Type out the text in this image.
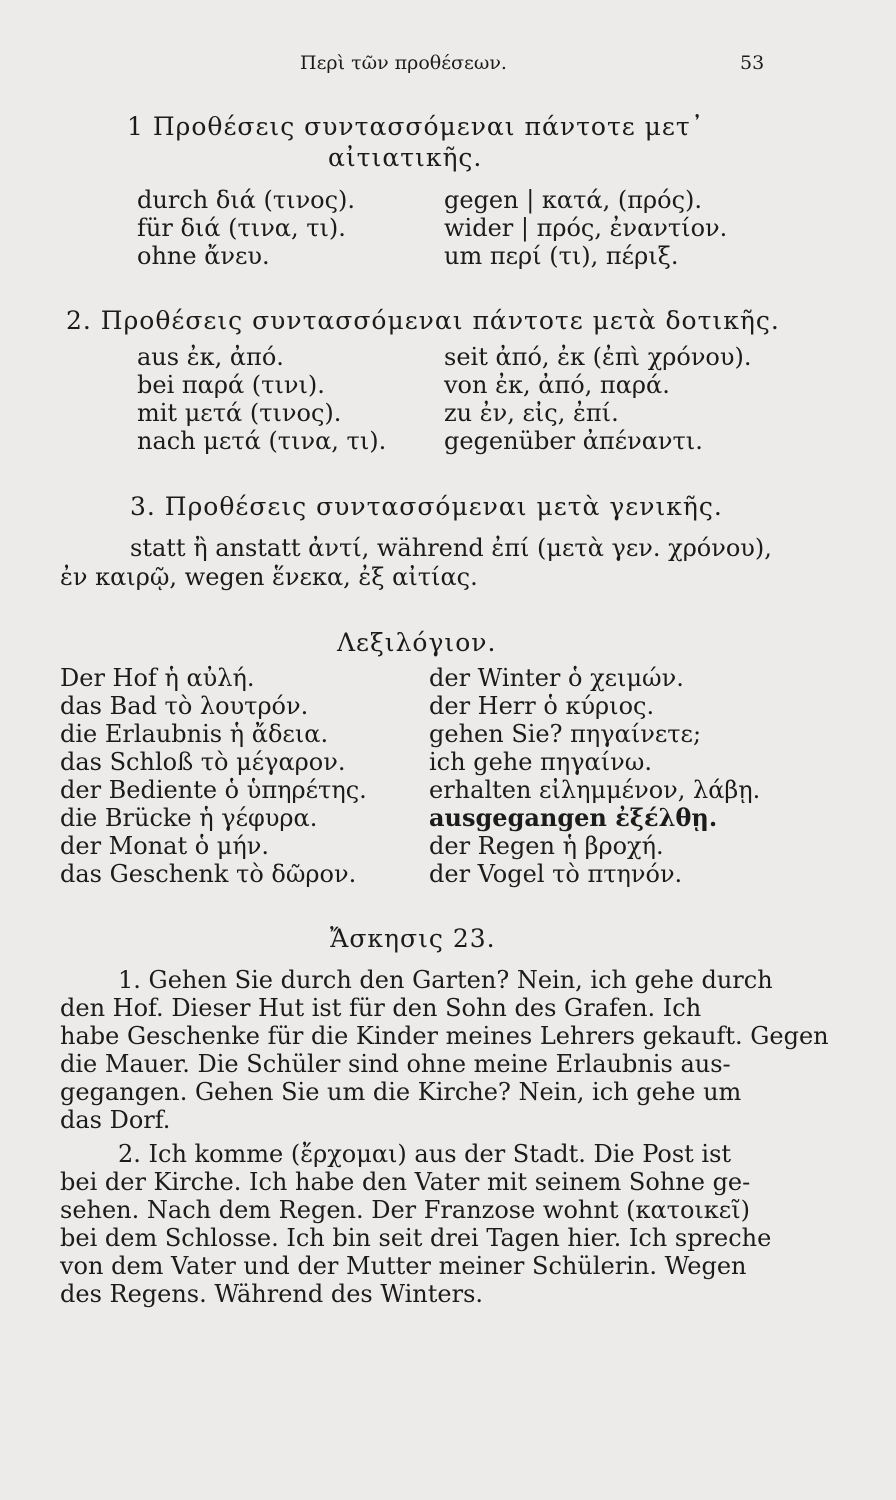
Περὶ τῶν προθέσεων.	53
1 Προθέσεις συντασσόμεναι πάντοτε μετ᾽
αἰτιατικῆς.
durch διά (τινος).
für διά (τινα, τι).
ohne ἄνευ.
gegen | κατά, (πρός).
wider | πρός, ἐναντίον.
um περί (τι), πέριξ.
2. Προθέσεις συντασσόμεναι πάντοτε μετὰ δοτικῆς.
aus ἐκ, ἀπό.
bei παρά (τινι).
mit μετά (τινος).
nach μετά (τινα, τι).
seit ἀπό, ἐκ (ἐπὶ χρόνου).
von ἐκ, ἀπό, παρά.
zu ἐν, εἰς, ἐπί.
gegenüber ἀπέναντι.
3. Προθέσεις συντασσόμεναι μετὰ γενικῆς.
statt ἢ anstatt ἀντί, während ἐπί (μετὰ γεν. χρόνου),
ἐν καιρῷ, wegen ἕνεκα, ἐξ αἰτίας.
Λεξιλόγιον.
Der Hof ἡ αὐλή.
das Bad τὸ λουτρόν.
die Erlaubnis ἡ ἄδεια.
das Schloß τὸ μέγαρον.
der Bediente ὁ ὑπηρέτης.
die Brücke ἡ γέφυρα.
der Monat ὁ μήν.
das Geschenk τὸ δῶρον.
der Winter ὁ χειμών.
der Herr ὁ κύριος.
gehen Sie? πηγαίνετε;
ich gehe πηγαίνω.
erhalten εἰλημμένον, λάβῃ.
ausgegangen ἐξέλθῃ.
der Regen ἡ βροχή.
der Vogel τὸ πτηνόν.
Ἄσκησις 23.
1. Gehen Sie durch den Garten? Nein, ich gehe durch
den Hof. Dieser Hut ist für den Sohn des Grafen. Ich
habe Geschenke für die Kinder meines Lehrers gekauft. Gegen
die Mauer. Die Schüler sind ohne meine Erlaubnis aus-
gegangen. Gehen Sie um die Kirche? Nein, ich gehe um
das Dorf.
2. Ich komme (ἔρχομαι) aus der Stadt. Die Post ist
bei der Kirche. Ich habe den Vater mit seinem Sohne ge-
sehen. Nach dem Regen. Der Franzose wohnt (κατοικεῖ)
bei dem Schlosse. Ich bin seit drei Tagen hier. Ich spreche
von dem Vater und der Mutter meiner Schülerin. Wegen
des Regens. Während des Winters.
